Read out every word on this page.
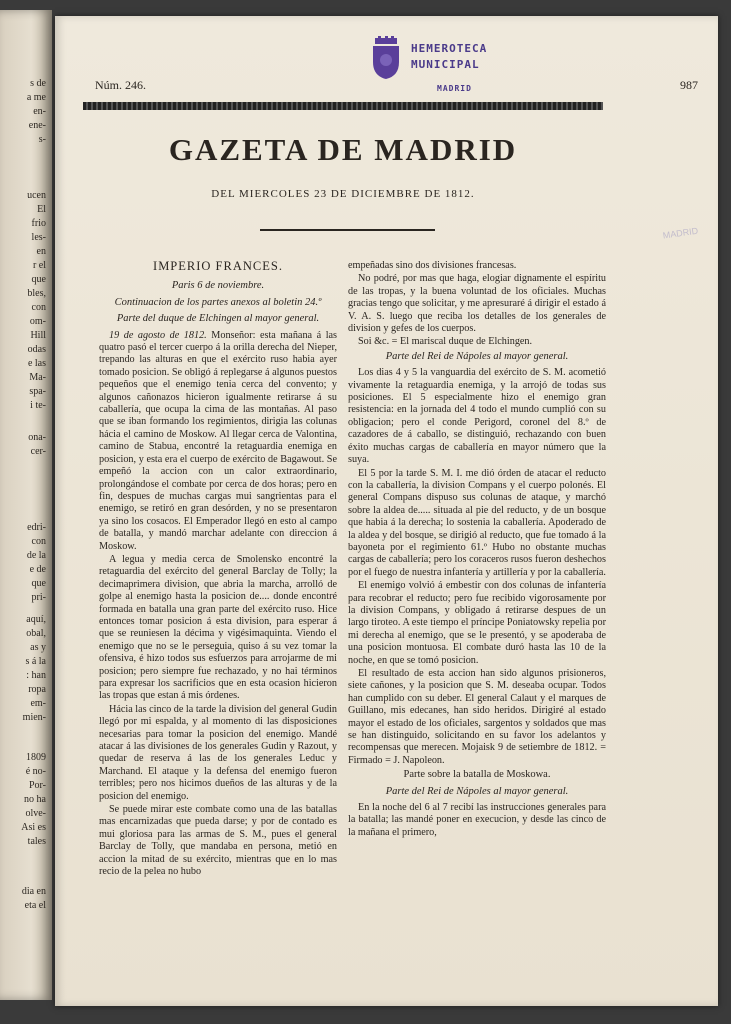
s de
a me
en-
ene-
s-
ucen
El
frio
les-
en
r el
que
bles,
con
om-
Hill
odas
e las
Ma-
spa-
i te-
ona-
cer-
edri-
con
de la
e de
que
pri-
aquí,
obal,
as y
s á la
: han
ropa
em-
mien-
1809
é no-
Por-
no ha
olve-
Asi es
tales
dia en
eta el
HEMEROTECA
MUNICIPAL
MADRID
Núm. 246.	987
GAZETA DE MADRID
DEL MIERCOLES 23 DE DICIEMBRE DE 1812.

IMPERIO FRANCES.

Paris 6 de noviembre.

Continuacion de los partes anexos al boletin 24.º

Parte del duque de Elchingen al mayor general.

19 de agosto de 1812. Monseñor: esta mañana á las quatro pasó el tercer cuerpo á la orilla derecha del Nieper, trepando las alturas en que el exército ruso habia ayer tomado posicion. Se obligó á replegarse á algunos puestos pequeños que el enemigo tenia cerca del convento; y algunos cañonazos hicieron igualmente retirarse á su caballería, que ocupa la cima de las montañas. Al paso que se iban formando los regimientos, dirigia las colunas hácia el camino de Moskow. Al llegar cerca de Valontina, camino de Stabua, encontré la retaguardia enemiga en posicion, y esta era el cuerpo de exército de Bagawout. Se empeñó la accion con un calor extraordinario, prolongándose el combate por cerca de dos horas; pero en fin, despues de muchas cargas mui sangrientas para el enemigo, se retiró en gran desórden, y no se presentaron ya sino los cosacos. El Emperador llegó en esto al campo de batalla, y mandó marchar adelante con direccion á Moskow.

A legua y media cerca de Smolensko encontré la retaguardia del exército del general Barclay de Tolly; la decimaprimera division, que abria la marcha, arrolló de golpe al enemigo hasta la posicion de.... donde encontré formada en batalla una gran parte del exército ruso. Hice entonces tomar posicion á esta division, para esperar á que se reuniesen la décima y vigésimaquinta. Viendo el enemigo que no se le perseguia, quiso á su vez tomar la ofensiva, é hizo todos sus esfuerzos para arrojarme de mi posicion; pero siempre fue rechazado, y no hai términos para expresar los sacrificios que en esta ocasion hicieron las tropas que estan á mis órdenes.

Hácia las cinco de la tarde la division del general Gudin llegó por mi espalda, y al momento di las disposiciones necesarias para tomar la posicion del enemigo. Mandé atacar á las divisiones de los generales Gudin y Razout, y quedar de reserva á las de los generales Leduc y Marchand. El ataque y la defensa del enemigo fueron terribles; pero nos hicimos dueños de las alturas y de la posicion del enemigo.

Se puede mirar este combate como una de las batallas mas encarnizadas que pueda darse; y por de contado es mui gloriosa para las armas de S. M., pues el general Barclay de Tolly, que mandaba en persona, metió en accion la mitad de su exército, mientras que en lo mas recio de la pelea no hubo

empeñadas sino dos divisiones francesas.

No podré, por mas que haga, elogiar dignamente el espíritu de las tropas, y la buena voluntad de los oficiales. Muchas gracias tengo que solicitar, y me apresuraré á dirigir el estado á V. A. S. luego que reciba los detalles de los generales de division y gefes de los cuerpos.

Soi &c. = El mariscal duque de Elchingen.

Parte del Rei de Nápoles al mayor general.

Los dias 4 y 5 la vanguardia del exército de S. M. acometió vivamente la retaguardia enemiga, y la arrojó de todas sus posiciones. El 5 especialmente hizo el enemigo gran resistencia: en la jornada del 4 todo el mundo cumplió con su obligacion; pero el conde Perigord, coronel del 8.º de cazadores de á caballo, se distinguió, rechazando con buen éxito muchas cargas de caballería en mayor número que la suya.

El 5 por la tarde S. M. I. me dió órden de atacar el reducto con la caballería, la division Compans y el cuerpo polonés. El general Compans dispuso sus colunas de ataque, y marchó sobre la aldea de..... situada al pie del reducto, y de un bosque que habia á la derecha; lo sostenia la caballería. Apoderado de la aldea y del bosque, se dirigió al reducto, que fue tomado á la bayoneta por el regimiento 61.º Hubo no obstante muchas cargas de caballería; pero los coraceros rusos fueron deshechos por el fuego de nuestra infantería y artillería y por la caballería.

El enemigo volvió á embestir con dos colunas de infantería para recobrar el reducto; pero fue recibido vigorosamente por la division Compans, y obligado á retirarse despues de un largo tiroteo. A este tiempo el príncipe Poniatowsky repelia por mi derecha al enemigo, que se le presentó, y se apoderaba de una posicion montuosa. El combate duró hasta las 10 de la noche, en que se tomó posicion.

El resultado de esta accion han sido algunos prisioneros, siete cañones, y la posicion que S. M. deseaba ocupar. Todos han cumplido con su deber. El general Calaut y el marques de Guillano, mis edecanes, han sido heridos. Dirigiré al estado mayor el estado de los oficiales, sargentos y soldados que mas se han distinguido, solicitando en su favor los adelantos y recompensas que merecen. Mojaisk 9 de setiembre de 1812. = Firmado = J. Napoleon.

Parte sobre la batalla de Moskowa.

Parte del Rei de Nápoles al mayor general.

En la noche del 6 al 7 recibí las instrucciones generales para la batalla; las mandé poner en execucion, y desde las cinco de la mañana el primero,

MADRID
